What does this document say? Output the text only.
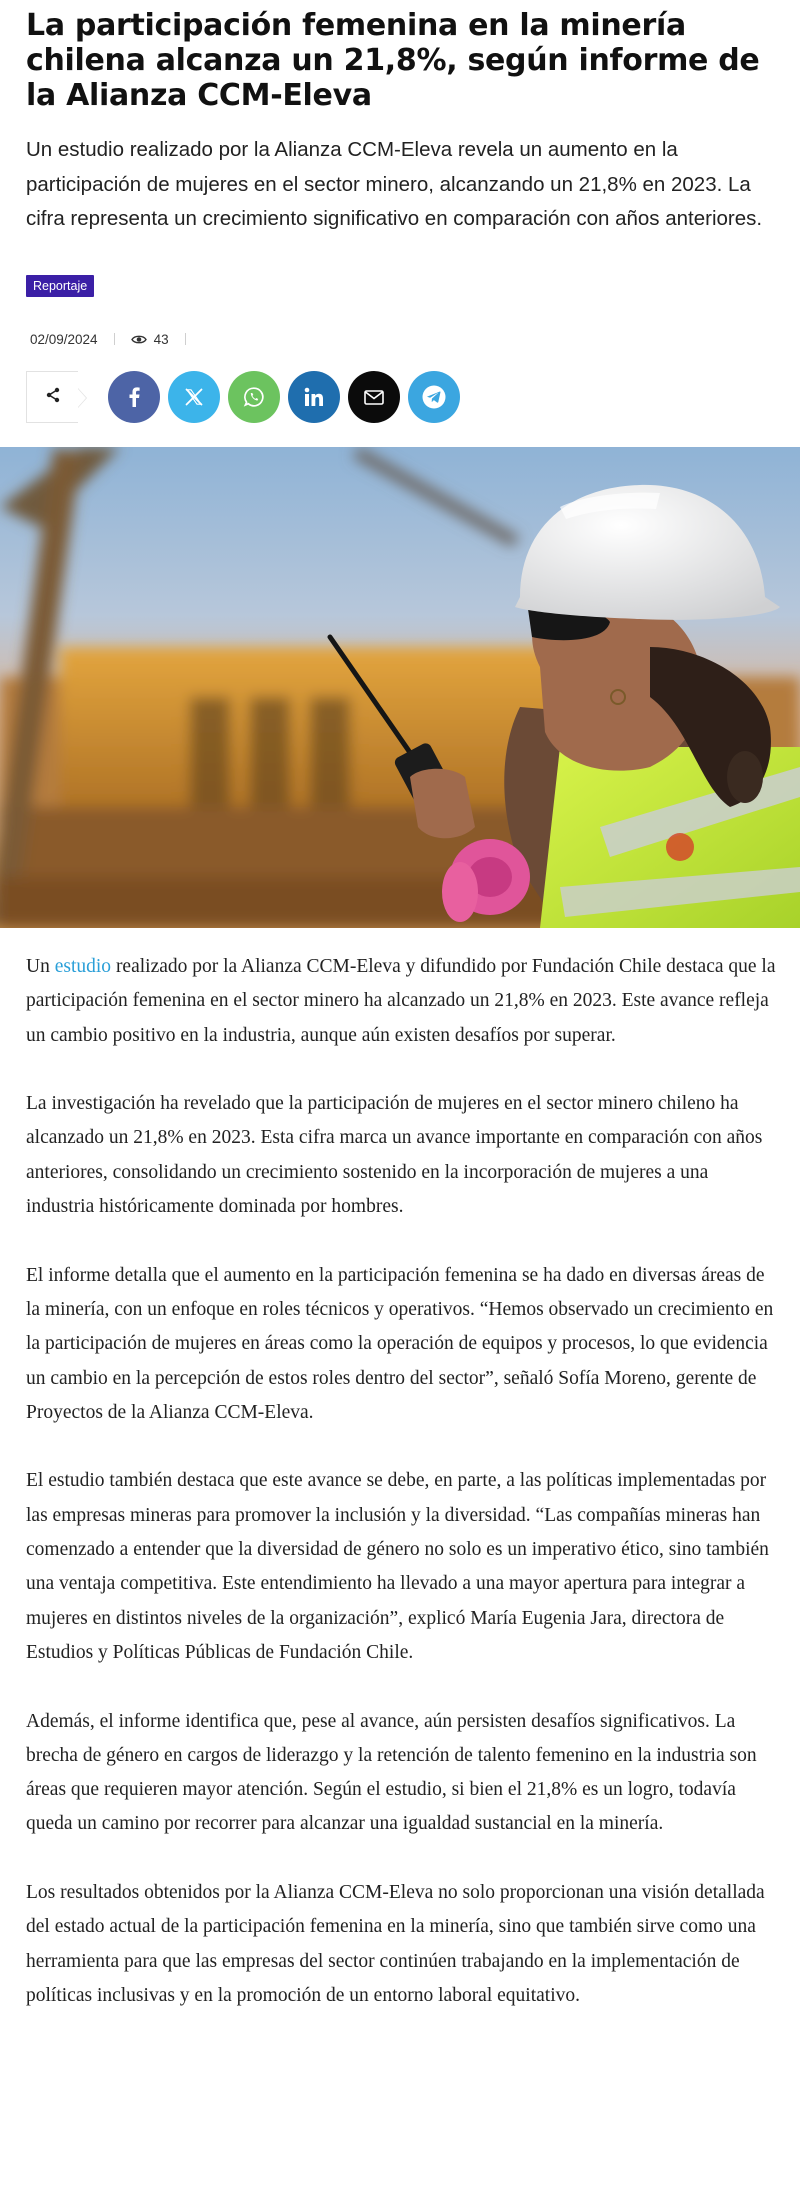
La participación femenina en la minería chilena alcanza un 21,8%, según informe de la Alianza CCM-Eleva

Un estudio realizado por la Alianza CCM-Eleva revela un aumento en la participación de mujeres en el sector minero, alcanzando un 21,8% en 2023. La cifra representa un crecimiento significativo en comparación con años anteriores.

Reportaje
02/09/2024	43

Un estudio realizado por la Alianza CCM-Eleva y difundido por Fundación Chile destaca que la participación femenina en el sector minero ha alcanzado un 21,8% en 2023. Este avance refleja un cambio positivo en la industria, aunque aún existen desafíos por superar.

La investigación ha revelado que la participación de mujeres en el sector minero chileno ha alcanzado un 21,8% en 2023. Esta cifra marca un avance importante en comparación con años anteriores, consolidando un crecimiento sostenido en la incorporación de mujeres a una industria históricamente dominada por hombres.

El informe detalla que el aumento en la participación femenina se ha dado en diversas áreas de la minería, con un enfoque en roles técnicos y operativos. “Hemos observado un crecimiento en la participación de mujeres en áreas como la operación de equipos y procesos, lo que evidencia un cambio en la percepción de estos roles dentro del sector”, señaló Sofía Moreno, gerente de Proyectos de la Alianza CCM-Eleva.

El estudio también destaca que este avance se debe, en parte, a las políticas implementadas por las empresas mineras para promover la inclusión y la diversidad. “Las compañías mineras han comenzado a entender que la diversidad de género no solo es un imperativo ético, sino también una ventaja competitiva. Este entendimiento ha llevado a una mayor apertura para integrar a mujeres en distintos niveles de la organización”, explicó María Eugenia Jara, directora de Estudios y Políticas Públicas de Fundación Chile.

Además, el informe identifica que, pese al avance, aún persisten desafíos significativos. La brecha de género en cargos de liderazgo y la retención de talento femenino en la industria son áreas que requieren mayor atención. Según el estudio, si bien el 21,8% es un logro, todavía queda un camino por recorrer para alcanzar una igualdad sustancial en la minería.

Los resultados obtenidos por la Alianza CCM-Eleva no solo proporcionan una visión detallada del estado actual de la participación femenina en la minería, sino que también sirve como una herramienta para que las empresas del sector continúen trabajando en la implementación de políticas inclusivas y en la promoción de un entorno laboral equitativo.
